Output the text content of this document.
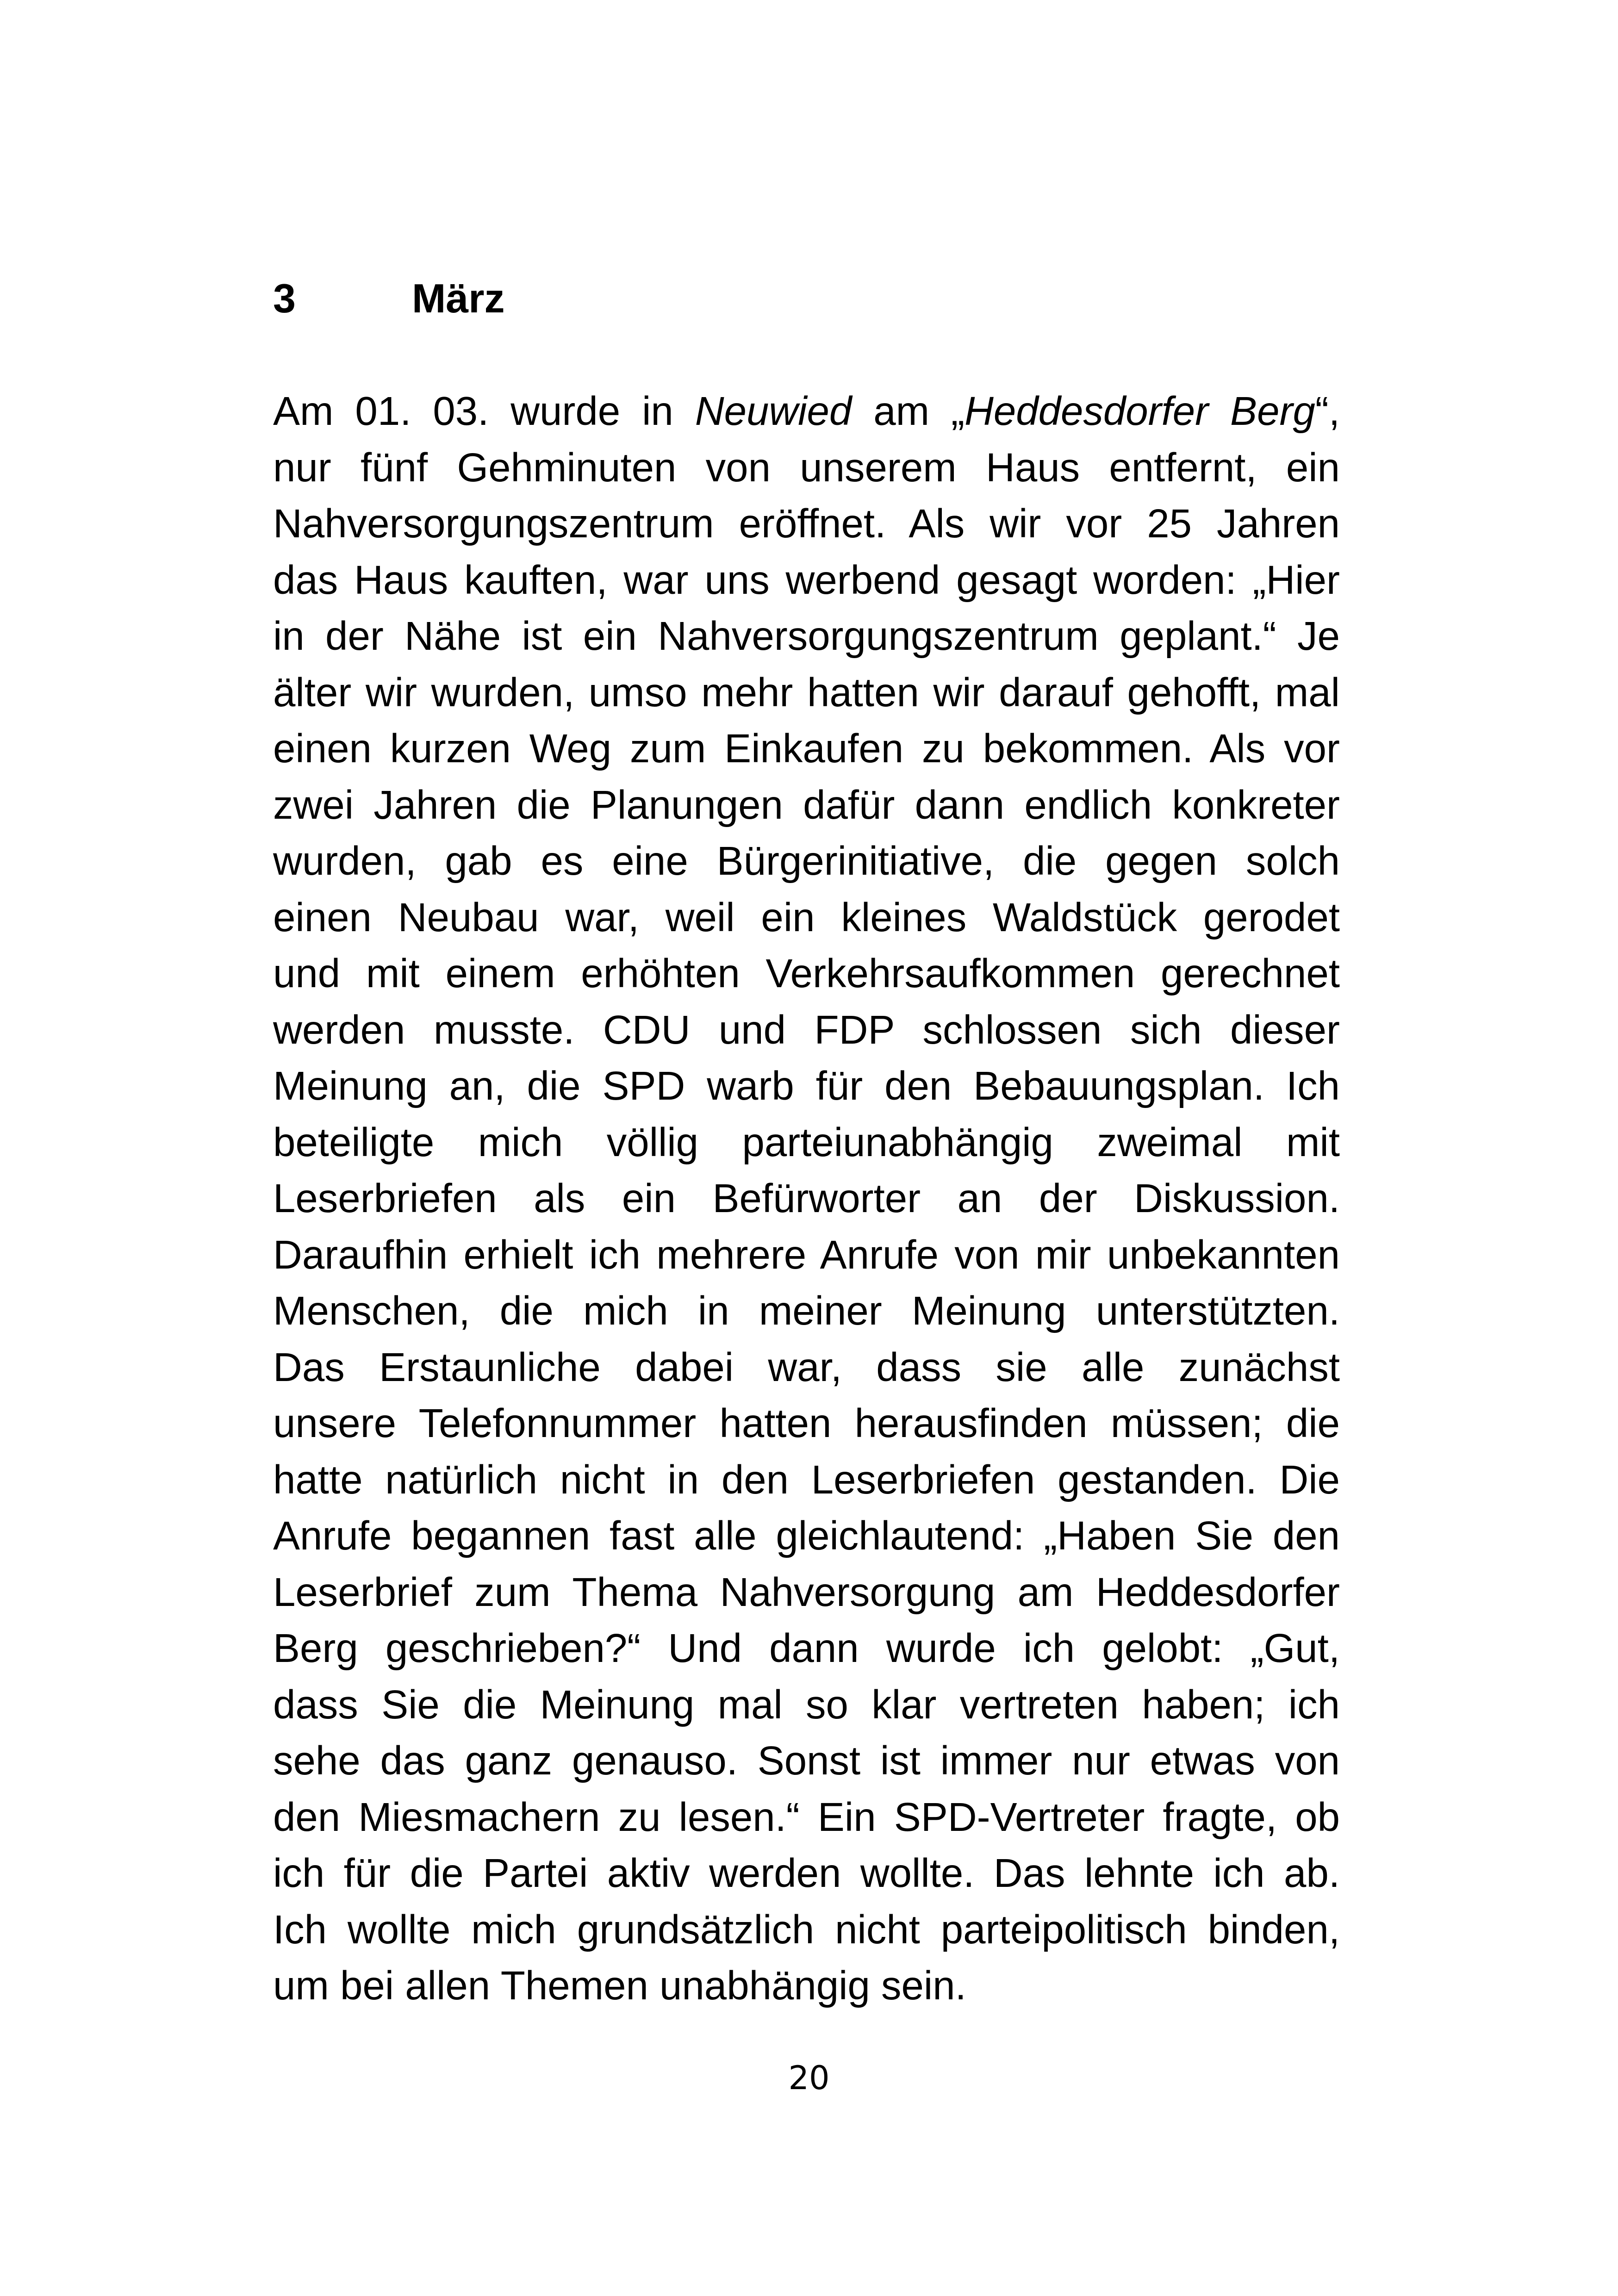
3	März
Am 01. 03. wurde in Neuwied am „Heddesdorfer Berg“,
nur fünf Gehminuten von unserem Haus entfernt, ein
Nahversorgungszentrum eröffnet. Als wir vor 25 Jahren
das Haus kauften, war uns werbend gesagt worden: „Hier
in der Nähe ist ein Nahversorgungszentrum geplant.“ Je
älter wir wurden, umso mehr hatten wir darauf gehofft, mal
einen kurzen Weg zum Einkaufen zu bekommen. Als vor
zwei Jahren die Planungen dafür dann endlich konkreter
wurden, gab es eine Bürgerinitiative, die gegen solch
einen Neubau war, weil ein kleines Waldstück gerodet
und mit einem erhöhten Verkehrsaufkommen gerechnet
werden musste. CDU und FDP schlossen sich dieser
Meinung an, die SPD warb für den Bebauungsplan. Ich
beteiligte mich völlig parteiunabhängig zweimal mit
Leserbriefen als ein Befürworter an der Diskussion.
Daraufhin erhielt ich mehrere Anrufe von mir unbekannten
Menschen, die mich in meiner Meinung unterstützten.
Das Erstaunliche dabei war, dass sie alle zunächst
unsere Telefonnummer hatten herausfinden müssen; die
hatte natürlich nicht in den Leserbriefen gestanden. Die
Anrufe begannen fast alle gleichlautend: „Haben Sie den
Leserbrief zum Thema Nahversorgung am Heddesdorfer
Berg geschrieben?“ Und dann wurde ich gelobt: „Gut,
dass Sie die Meinung mal so klar vertreten haben; ich
sehe das ganz genauso. Sonst ist immer nur etwas von
den Miesmachern zu lesen.“ Ein SPD-Vertreter fragte, ob
ich für die Partei aktiv werden wollte. Das lehnte ich ab.
Ich wollte mich grundsätzlich nicht parteipolitisch binden,
um bei allen Themen unabhängig sein.
20
